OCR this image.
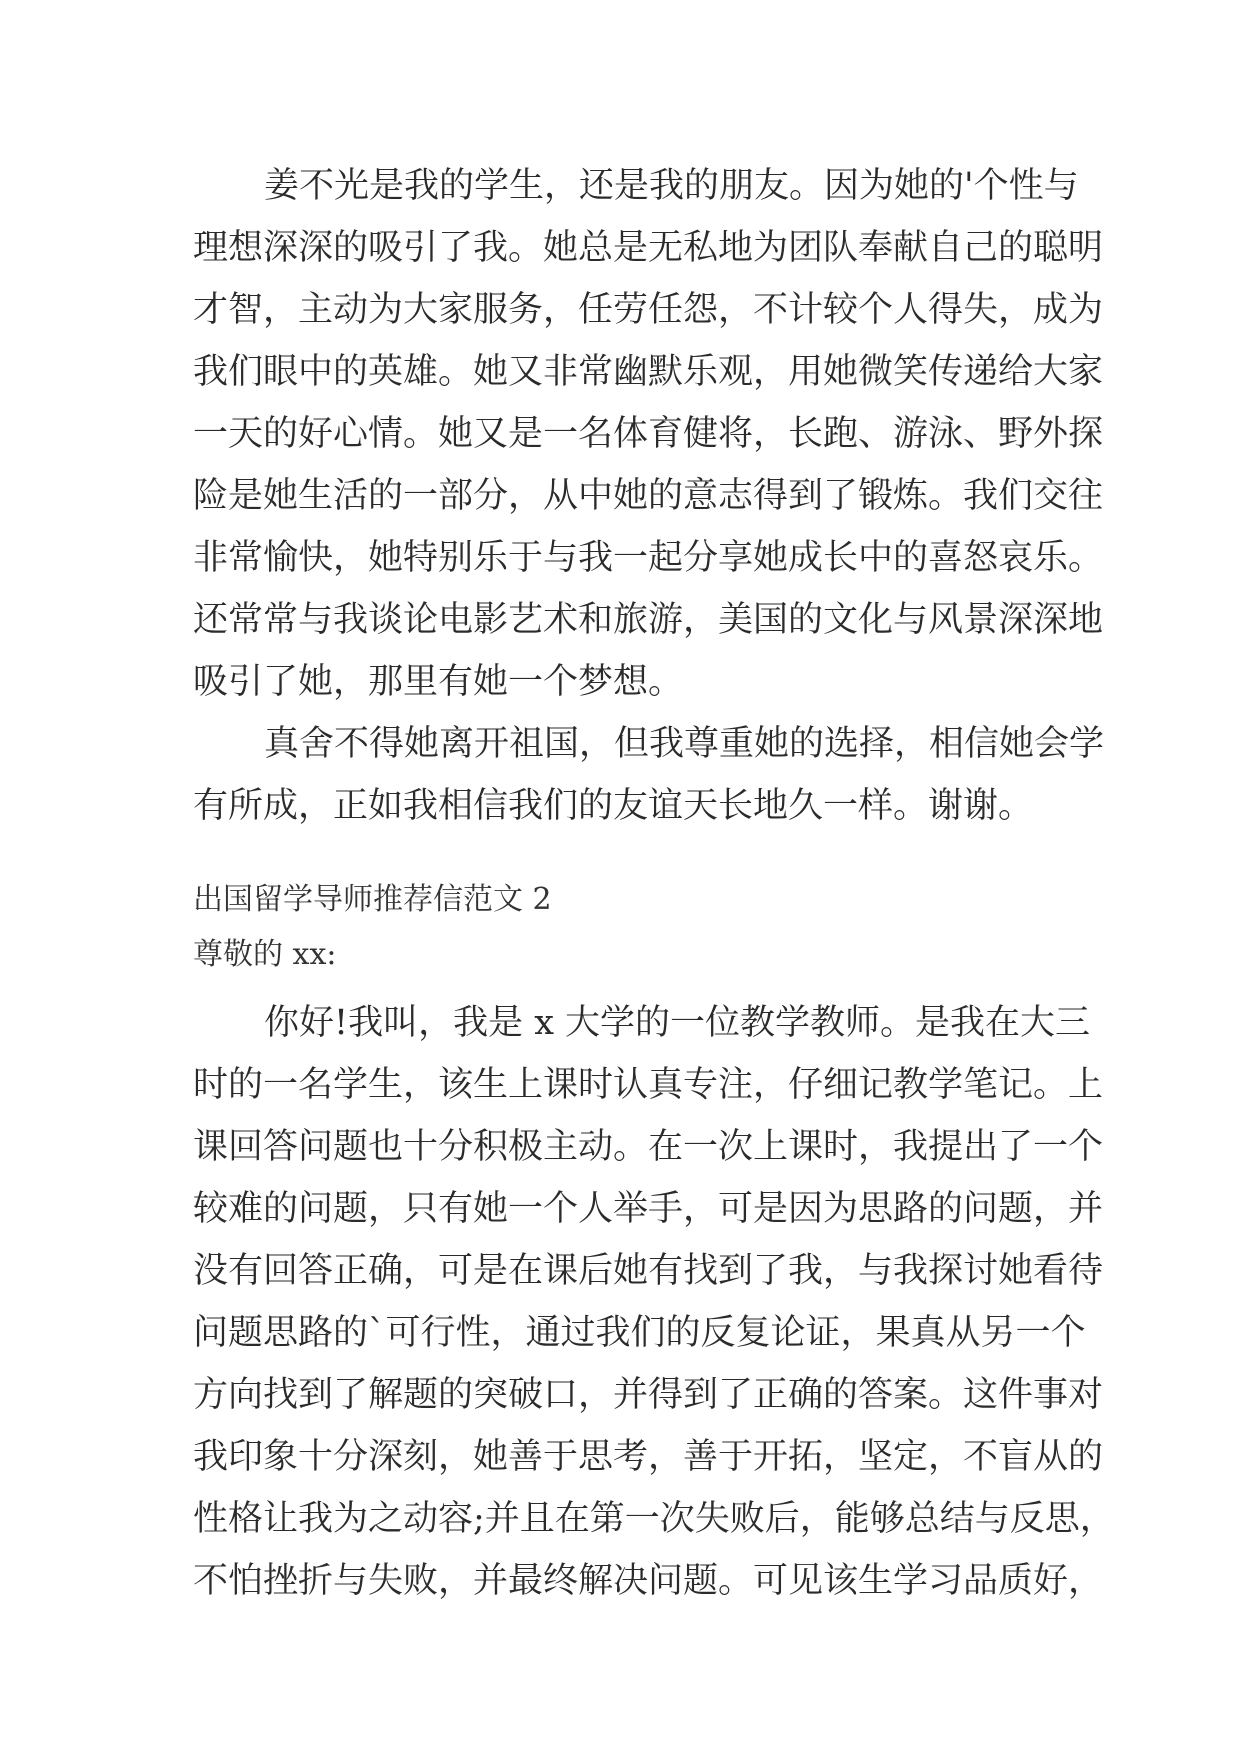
姜不光是我的学生，还是我的朋友。因为她的'个性与
理想深深的吸引了我。她总是无私地为团队奉献自己的聪明
才智，主动为大家服务，任劳任怨，不计较个人得失，成为
我们眼中的英雄。她又非常幽默乐观，用她微笑传递给大家
一天的好心情。她又是一名体育健将，长跑、游泳、野外探
险是她生活的一部分，从中她的意志得到了锻炼。我们交往
非常愉快，她特别乐于与我一起分享她成长中的喜怒哀乐。
还常常与我谈论电影艺术和旅游，美国的文化与风景深深地
吸引了她，那里有她一个梦想。
真舍不得她离开祖国，但我尊重她的选择，相信她会学
有所成，正如我相信我们的友谊天长地久一样。谢谢。
出国留学导师推荐信范文 2
尊敬的 xx:
你好!我叫，我是 x 大学的一位教学教师。是我在大三
时的一名学生，该生上课时认真专注，仔细记教学笔记。上
课回答问题也十分积极主动。在一次上课时，我提出了一个
较难的问题，只有她一个人举手，可是因为思路的问题，并
没有回答正确，可是在课后她有找到了我，与我探讨她看待
问题思路的`可行性，通过我们的反复论证，果真从另一个
方向找到了解题的突破口，并得到了正确的答案。这件事对
我印象十分深刻，她善于思考，善于开拓，坚定，不盲从的
性格让我为之动容;并且在第一次失败后，能够总结与反思，
不怕挫折与失败，并最终解决问题。可见该生学习品质好，
